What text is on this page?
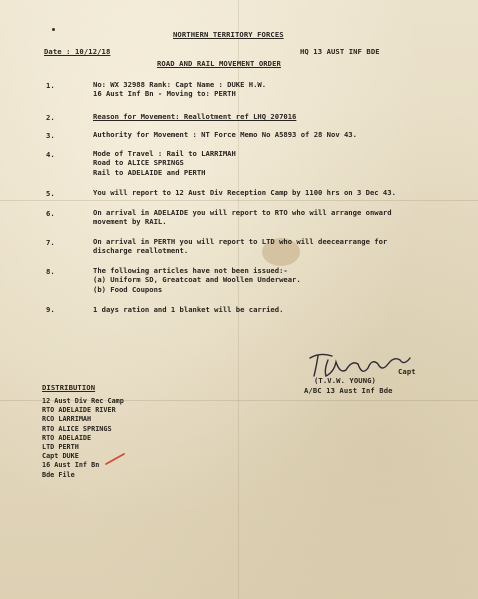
NORTHERN TERRITORY FORCES
Date : 10/12/18	HQ 13 AUST INF BDE
ROAD AND RAIL MOVEMENT ORDER
1.	No: WX 32988 Rank: Capt Name : DUKE H.W.
16 Aust Inf Bn - Moving to: PERTH
2.	Reason for Movement: Reallotment ref LHQ 207016
3.	Authority for Movement : NT Force Memo No A5893 of 28 Nov 43.
4.	Mode of Travel : Rail to LARRIMAH
Road to ALICE SPRINGS
Rail to ADELAIDE and PERTH
5.	You will report to 12 Aust Div Reception Camp by 1100 hrs on 3 Dec 43.
6.	On arrival in ADELAIDE you will report to RTO who will arrange onward
movement by RAIL.
7.	On arrival in PERTH you will report to LTD who will deecearrange for
discharge reallotment.
8.	The following articles have not been issued:-
(a) Uniform SD, Greatcoat and Woollen Underwear.
(b) Food Coupons
9.	1 days ration and 1 blanket will be carried.
Capt
(T.V.W. YOUNG)
A/BC 13 Aust Inf Bde
DISTRIBUTION
12 Aust Div Rec Camp
RTO ADELAIDE RIVER
RCO LARRIMAH
RTO ALICE SPRINGS
RTO ADELAIDE
LTD PERTH
Capt DUKE
16 Aust Inf Bn
Bde File
